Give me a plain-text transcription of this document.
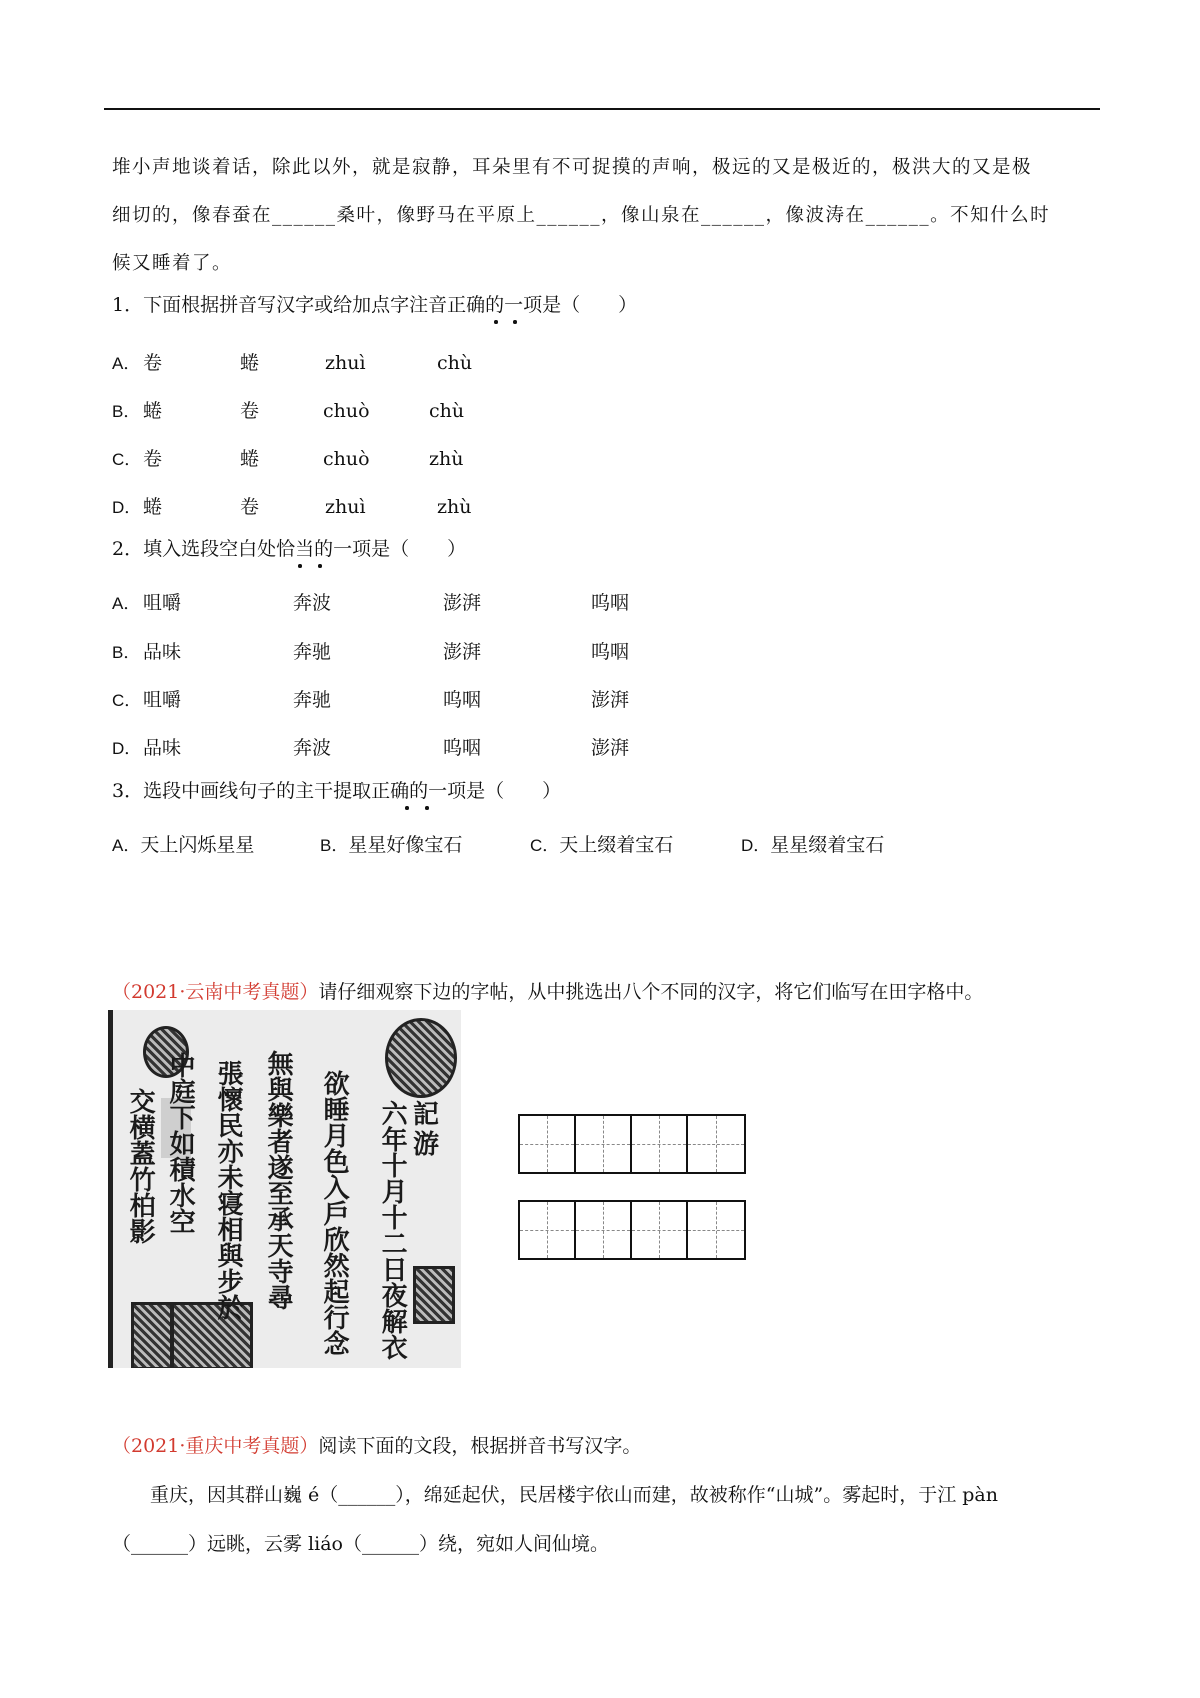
堆小声地谈着话，除此以外，就是寂静，耳朵里有不可捉摸的声响，极远的又是极近的，极洪大的又是极
细切的，像春蚕在______桑叶，像野马在平原上______，像山泉在______，像波涛在______。不知什么时
候又睡着了。
1．下面根据拼音写汉字或给加点字注音正确的一项是（　　）
A． 卷	蜷	zhuì	chù
B． 蜷	卷	chuò	chù
C． 卷	蜷	chuò	zhù
D． 蜷	卷	zhuì	zhù
2．填入选段空白处恰当的一项是（　　）
A． 咀嚼	奔波	澎湃	呜咽
B． 品味	奔驰	澎湃	呜咽
C． 咀嚼	奔驰	呜咽	澎湃
D． 品味	奔波	呜咽	澎湃
3．选段中画线句子的主干提取正确的一项是（　　）
A．天上闪烁星星	B．星星好像宝石	C．天上缀着宝石	D．星星缀着宝石
（2021·云南中考真题）请仔细观察下边的字帖，从中挑选出八个不同的汉字，将它们临写在田字格中。
記
游
六年十月十二日夜解衣
欲睡月色入戶欣然起行念
無與樂者遂至承天寺尋
張懷民亦未寝相與步於
中庭下如積水空
交横蓋竹柏影
（2021·重庆中考真题）阅读下面的文段，根据拼音书写汉字。
重庆，因其群山巍 é（______），绵延起伏，民居楼宇依山而建，故被称作“山城”。雾起时，于江 pàn
（______）远眺，云雾 liáo（______）绕，宛如人间仙境。
